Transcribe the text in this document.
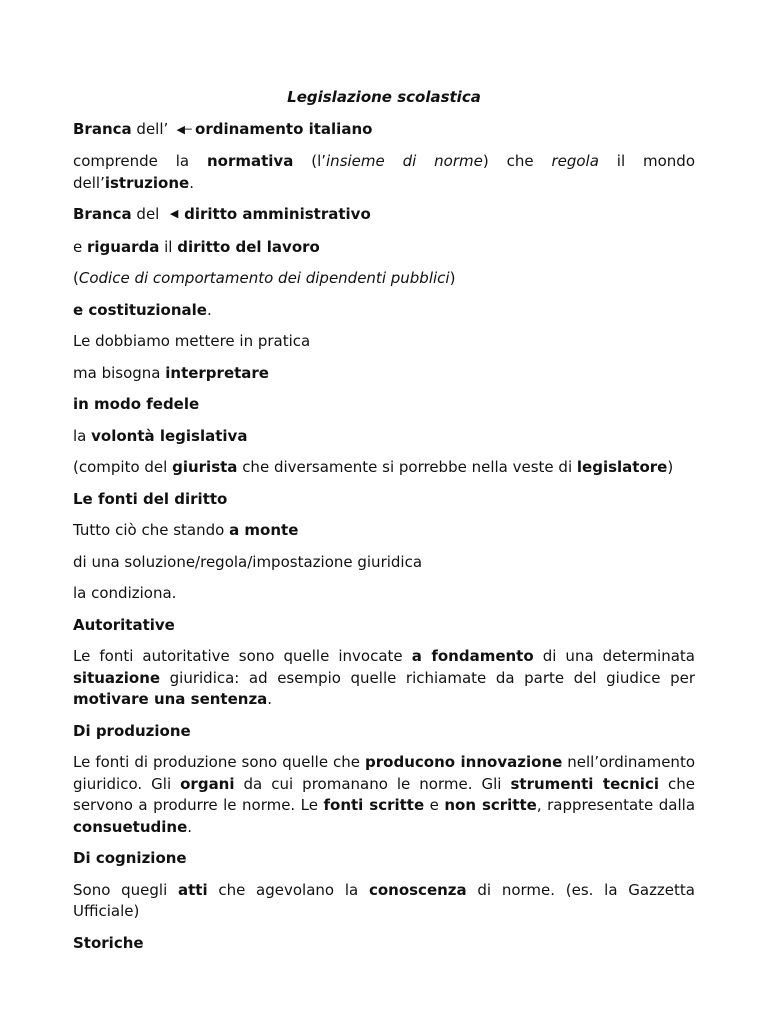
Legislazione scolastica
Branca dell’ ◀─ ordinamento italiano
comprende la normativa (l’insieme di norme) che regola il mondo dell’istruzione.
Branca del ◀ diritto amministrativo
e riguarda il diritto del lavoro
(Codice di comportamento dei dipendenti pubblici)
e costituzionale.
Le dobbiamo mettere in pratica
ma bisogna interpretare
in modo fedele
la volontà legislativa
(compito del giurista che diversamente si porrebbe nella veste di legislatore)
Le fonti del diritto
Tutto ciò che stando a monte
di una soluzione/regola/impostazione giuridica
la condiziona.
Autoritative
Le fonti autoritative sono quelle invocate a fondamento di una determinata situazione giuridica: ad esempio quelle richiamate da parte del giudice per motivare una sentenza.
Di produzione
Le fonti di produzione sono quelle che producono innovazione nell’ordinamento giuridico. Gli organi da cui promanano le norme. Gli strumenti tecnici che servono a produrre le norme. Le fonti scritte e non scritte, rappresentate dalla consuetudine.
Di cognizione
Sono quegli atti che agevolano la conoscenza di norme. (es. la Gazzetta Ufficiale)
Storiche
